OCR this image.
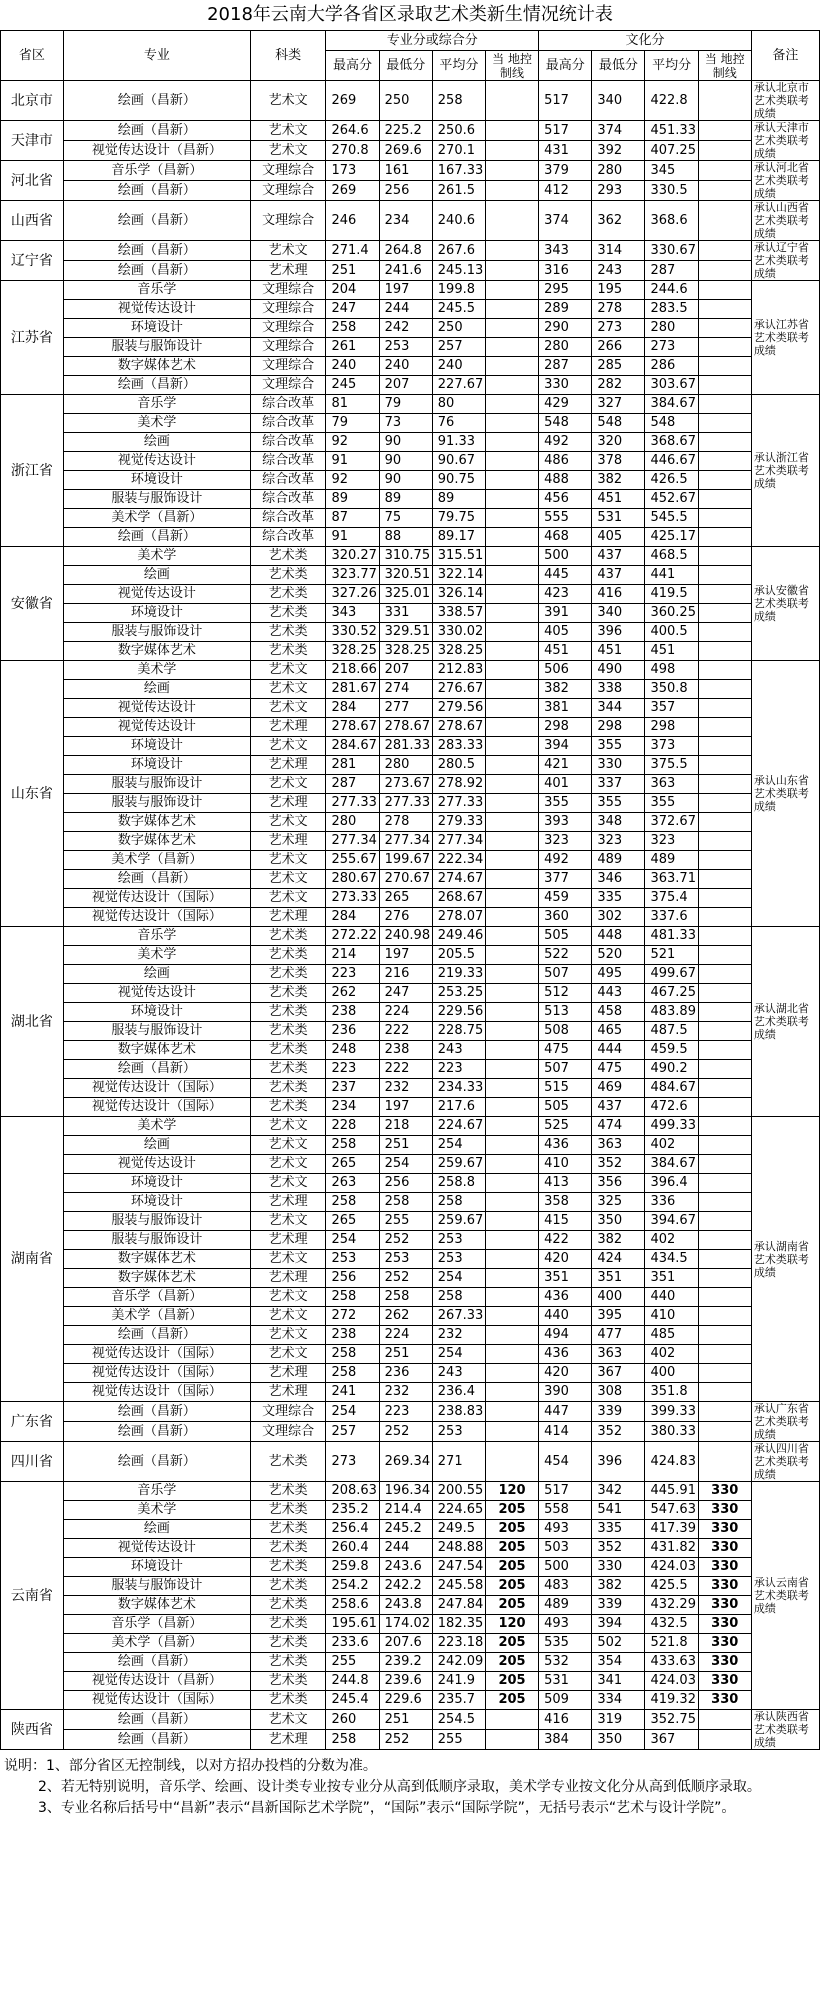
2018年云南大学各省区录取艺术类新生情况统计表
省区	专业	科类	专业分或综合分				文化分				备注
			最高分	最低分	平均分	当 地控制线	最高分	最低分	平均分	当 地控制线	
北京市	绘画（昌新）	艺术文	269	250	258		517	340	422.8		承认北京市艺术类联考成绩
天津市	绘画（昌新）	艺术文	264.6	225.2	250.6		517	374	451.33		承认天津市艺术类联考成绩
	视觉传达设计（昌新）	艺术文	270.8	269.6	270.1		431	392	407.25		
河北省	音乐学（昌新）	文理综合	173	161	167.33		379	280	345		承认河北省艺术类联考成绩
	绘画（昌新）	文理综合	269	256	261.5		412	293	330.5		
山西省	绘画（昌新）	文理综合	246	234	240.6		374	362	368.6		承认山西省艺术类联考成绩
辽宁省	绘画（昌新）	艺术文	271.4	264.8	267.6		343	314	330.67		承认辽宁省艺术类联考成绩
	绘画（昌新）	艺术理	251	241.6	245.13		316	243	287		
江苏省	音乐学	文理综合	204	197	199.8		295	195	244.6		承认江苏省艺术类联考成绩
	视觉传达设计	文理综合	247	244	245.5		289	278	283.5		
	环境设计	文理综合	258	242	250		290	273	280		
	服装与服饰设计	文理综合	261	253	257		280	266	273		
	数字媒体艺术	文理综合	240	240	240		287	285	286		
	绘画（昌新）	文理综合	245	207	227.67		330	282	303.67		
浙江省	音乐学	综合改革	81	79	80		429	327	384.67		承认浙江省艺术类联考成绩
	美术学	综合改革	79	73	76		548	548	548		
	绘画	综合改革	92	90	91.33		492	320	368.67		
	视觉传达设计	综合改革	91	90	90.67		486	378	446.67		
	环境设计	综合改革	92	90	90.75		488	382	426.5		
	服装与服饰设计	综合改革	89	89	89		456	451	452.67		
	美术学（昌新）	综合改革	87	75	79.75		555	531	545.5		
	绘画（昌新）	综合改革	91	88	89.17		468	405	425.17		
安徽省	美术学	艺术类	320.27	310.75	315.51		500	437	468.5		承认安徽省艺术类联考成绩
	绘画	艺术类	323.77	320.51	322.14		445	437	441		
	视觉传达设计	艺术类	327.26	325.01	326.14		423	416	419.5		
	环境设计	艺术类	343	331	338.57		391	340	360.25		
	服装与服饰设计	艺术类	330.52	329.51	330.02		405	396	400.5		
	数字媒体艺术	艺术类	328.25	328.25	328.25		451	451	451		
山东省	美术学	艺术文	218.66	207	212.83		506	490	498		承认山东省艺术类联考成绩
	绘画	艺术文	281.67	274	276.67		382	338	350.8		
	视觉传达设计	艺术文	284	277	279.56		381	344	357		
	视觉传达设计	艺术理	278.67	278.67	278.67		298	298	298		
	环境设计	艺术文	284.67	281.33	283.33		394	355	373		
	环境设计	艺术理	281	280	280.5		421	330	375.5		
	服装与服饰设计	艺术文	287	273.67	278.92		401	337	363		
	服装与服饰设计	艺术理	277.33	277.33	277.33		355	355	355		
	数字媒体艺术	艺术文	280	278	279.33		393	348	372.67		
	数字媒体艺术	艺术理	277.34	277.34	277.34		323	323	323		
	美术学（昌新）	艺术文	255.67	199.67	222.34		492	489	489		
	绘画（昌新）	艺术文	280.67	270.67	274.67		377	346	363.71		
	视觉传达设计（国际）	艺术文	273.33	265	268.67		459	335	375.4		
	视觉传达设计（国际）	艺术理	284	276	278.07		360	302	337.6		
湖北省	音乐学	艺术类	272.22	240.98	249.46		505	448	481.33		承认湖北省艺术类联考成绩
	美术学	艺术类	214	197	205.5		522	520	521		
	绘画	艺术类	223	216	219.33		507	495	499.67		
	视觉传达设计	艺术类	262	247	253.25		512	443	467.25		
	环境设计	艺术类	238	224	229.56		513	458	483.89		
	服装与服饰设计	艺术类	236	222	228.75		508	465	487.5		
	数字媒体艺术	艺术类	248	238	243		475	444	459.5		
	绘画（昌新）	艺术类	223	222	223		507	475	490.2		
	视觉传达设计（国际）	艺术类	237	232	234.33		515	469	484.67		
	视觉传达设计（国际）	艺术类	234	197	217.6		505	437	472.6		
湖南省	美术学	艺术文	228	218	224.67		525	474	499.33		承认湖南省艺术类联考成绩
	绘画	艺术文	258	251	254		436	363	402		
	视觉传达设计	艺术文	265	254	259.67		410	352	384.67		
	环境设计	艺术文	263	256	258.8		413	356	396.4		
	环境设计	艺术理	258	258	258		358	325	336		
	服装与服饰设计	艺术文	265	255	259.67		415	350	394.67		
	服装与服饰设计	艺术理	254	252	253		422	382	402		
	数字媒体艺术	艺术文	253	253	253		420	424	434.5		
	数字媒体艺术	艺术理	256	252	254		351	351	351		
	音乐学（昌新）	艺术文	258	258	258		436	400	440		
	美术学（昌新）	艺术文	272	262	267.33		440	395	410		
	绘画（昌新）	艺术文	238	224	232		494	477	485		
	视觉传达设计（国际）	艺术文	258	251	254		436	363	402		
	视觉传达设计（国际）	艺术理	258	236	243		420	367	400		
	视觉传达设计（国际）	艺术理	241	232	236.4		390	308	351.8		
广东省	绘画（昌新）	文理综合	254	223	238.83		447	339	399.33		承认广东省艺术类联考成绩
	绘画（昌新）	文理综合	257	252	253		414	352	380.33		
四川省	绘画（昌新）	艺术类	273	269.34	271		454	396	424.83		承认四川省艺术类联考成绩
云南省	音乐学	艺术类	208.63	196.34	200.55	120	517	342	445.91	330	承认云南省艺术类联考成绩
	美术学	艺术类	235.2	214.4	224.65	205	558	541	547.63	330	
	绘画	艺术类	256.4	245.2	249.5	205	493	335	417.39	330	
	视觉传达设计	艺术类	260.4	244	248.88	205	503	352	431.82	330	
	环境设计	艺术类	259.8	243.6	247.54	205	500	330	424.03	330	
	服装与服饰设计	艺术类	254.2	242.2	245.58	205	483	382	425.5	330	
	数字媒体艺术	艺术类	258.6	243.8	247.84	205	489	339	432.29	330	
	音乐学（昌新）	艺术类	195.61	174.02	182.35	120	493	394	432.5	330	
	美术学（昌新）	艺术类	233.6	207.6	223.18	205	535	502	521.8	330	
	绘画（昌新）	艺术类	255	239.2	242.09	205	532	354	433.63	330	
	视觉传达设计（昌新）	艺术类	244.8	239.6	241.9	205	531	341	424.03	330	
	视觉传达设计（国际）	艺术类	245.4	229.6	235.7	205	509	334	419.32	330	
陕西省	绘画（昌新）	艺术文	260	251	254.5		416	319	352.75		承认陕西省艺术类联考成绩
	绘画（昌新）	艺术理	258	252	255		384	350	367		

说明：1、部分省区无控制线，以对方招办投档的分数为准。

2、若无特别说明，音乐学、绘画、设计类专业按专业分从高到低顺序录取，美术学专业按文化分从高到低顺序录取。

3、专业名称后括号中“昌新”表示“昌新国际艺术学院”，“国际”表示“国际学院”，无括号表示“艺术与设计学院”。
